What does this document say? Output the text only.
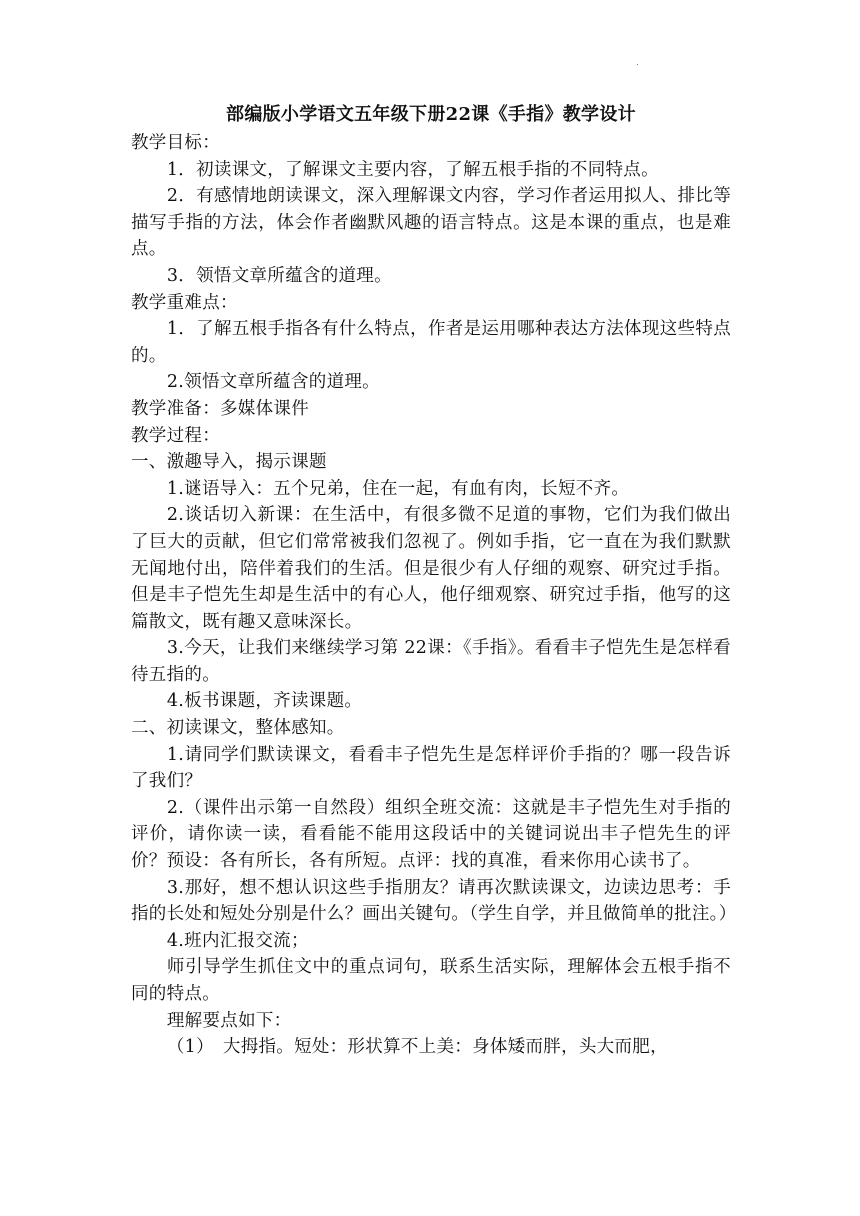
.
部编版小学语文五年级下册22课《手指》教学设计

教学目标：

1．初读课文，了解课文主要内容，了解五根手指的不同特点。

2．有感情地朗读课文，深入理解课文内容，学习作者运用拟人、排比等描写手指的方法，体会作者幽默风趣的语言特点。这是本课的重点，也是难点。

3．领悟文章所蕴含的道理。

教学重难点：

1．了解五根手指各有什么特点，作者是运用哪种表达方法体现这些特点的。

2.领悟文章所蕴含的道理。

教学准备：多媒体课件

教学过程：

一、激趣导入，揭示课题

1.谜语导入：五个兄弟，住在一起，有血有肉，长短不齐。

2.谈话切入新课：在生活中，有很多微不足道的事物，它们为我们做出了巨大的贡献，但它们常常被我们忽视了。例如手指，它一直在为我们默默无闻地付出，陪伴着我们的生活。但是很少有人仔细的观察、研究过手指。但是丰子恺先生却是生活中的有心人，他仔细观察、研究过手指，他写的这篇散文，既有趣又意味深长。

3.今天，让我们来继续学习第 22课：《手指》。看看丰子恺先生是怎样看待五指的。

4.板书课题，齐读课题。

二、初读课文，整体感知。

1.请同学们默读课文，看看丰子恺先生是怎样评价手指的？哪一段告诉了我们？

2.（课件出示第一自然段）组织全班交流：这就是丰子恺先生对手指的评价，请你读一读，看看能不能用这段话中的关键词说出丰子恺先生的评价？预设：各有所长，各有所短。点评：找的真准，看来你用心读书了。

3.那好，想不想认识这些手指朋友？请再次默读课文，边读边思考：手指的长处和短处分别是什么？画出关键句。（学生自学，并且做简单的批注。）

4.班内汇报交流；

师引导学生抓住文中的重点词句，联系生活实际，理解体会五根手指不同的特点。

理解要点如下：

（1） 大拇指。短处：形状算不上美：身体矮而胖，头大而肥，
